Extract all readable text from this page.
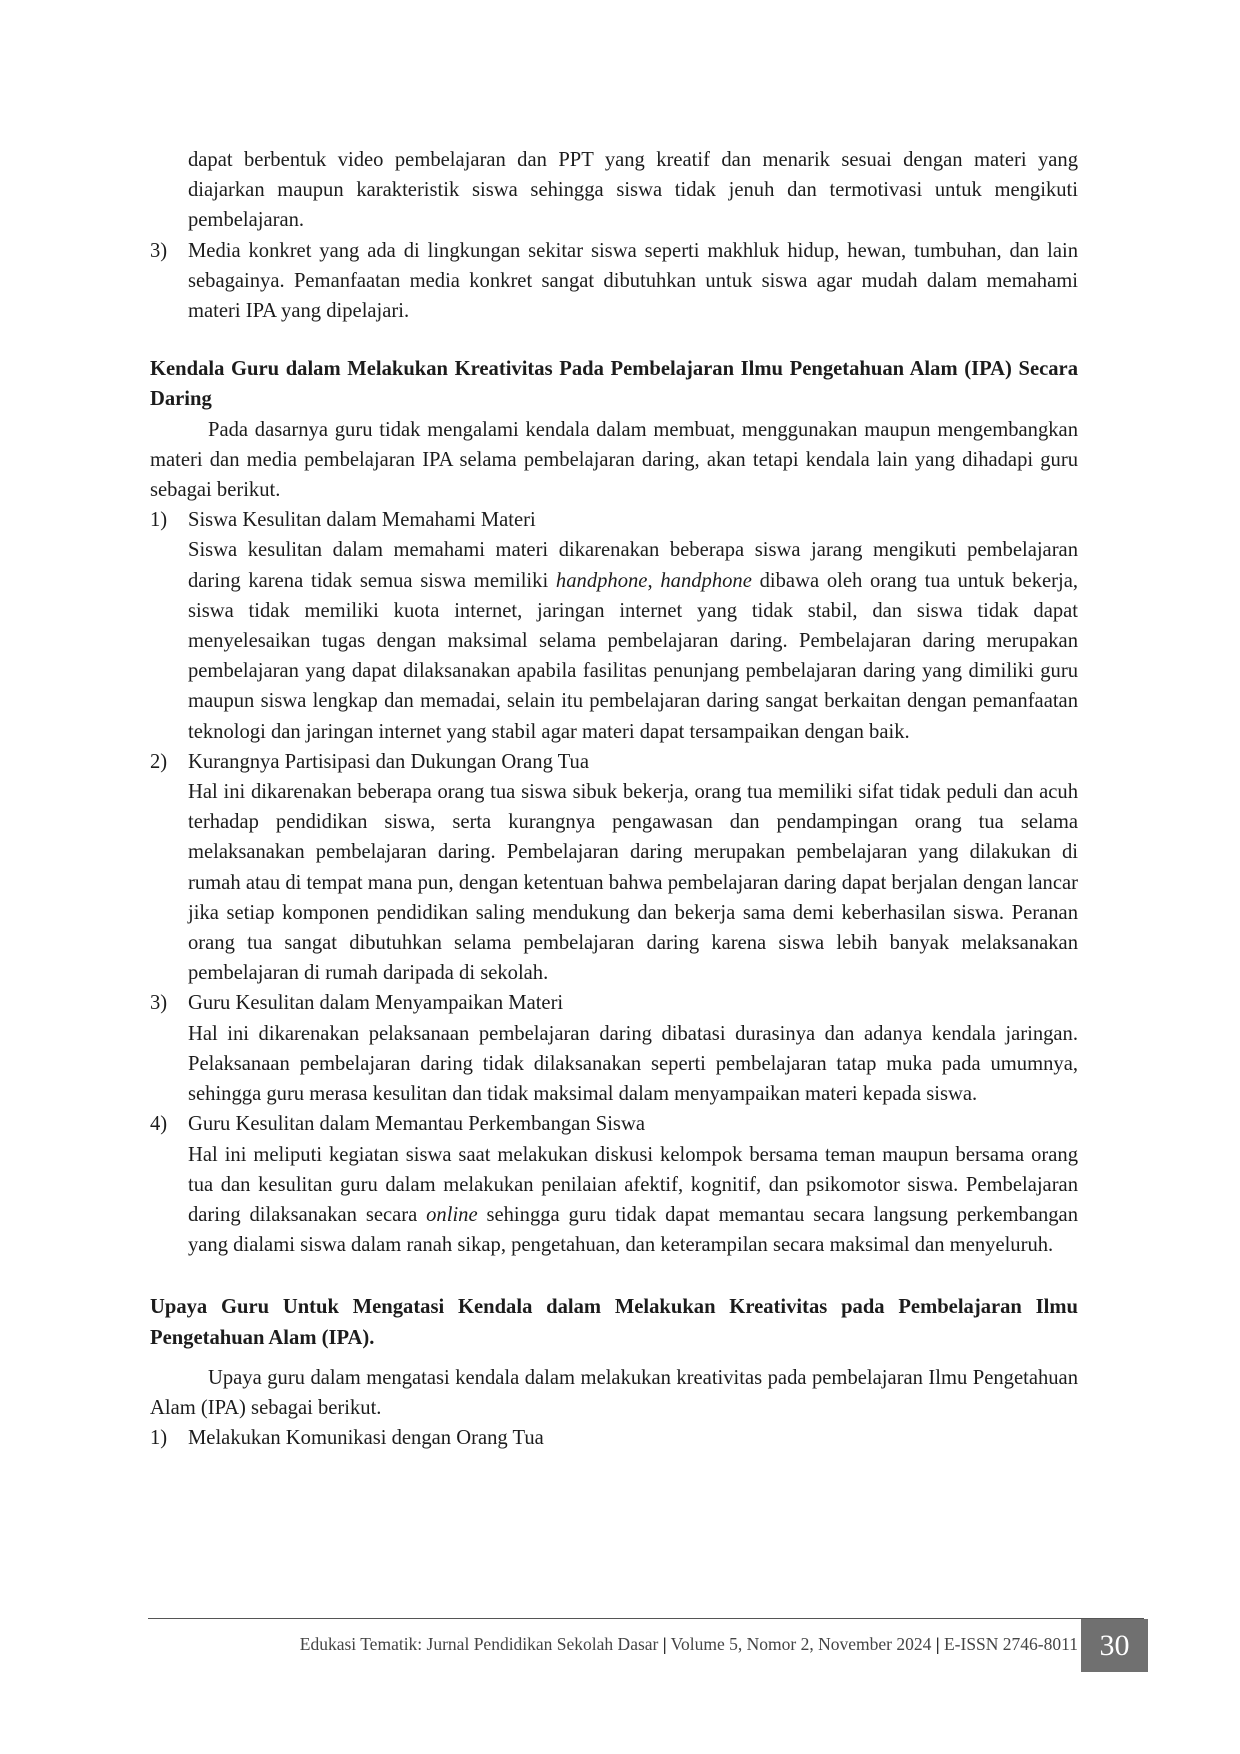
dapat berbentuk video pembelajaran dan PPT yang kreatif dan menarik sesuai dengan materi yang diajarkan maupun karakteristik siswa sehingga siswa tidak jenuh dan termotivasi untuk mengikuti pembelajaran.

3) Media konkret yang ada di lingkungan sekitar siswa seperti makhluk hidup, hewan, tumbuhan, dan lain sebagainya. Pemanfaatan media konkret sangat dibutuhkan untuk siswa agar mudah dalam memahami materi IPA yang dipelajari.

Kendala Guru dalam Melakukan Kreativitas Pada Pembelajaran Ilmu Pengetahuan Alam (IPA) Secara Daring

Pada dasarnya guru tidak mengalami kendala dalam membuat, menggunakan maupun mengembangkan materi dan media pembelajaran IPA selama pembelajaran daring, akan tetapi kendala lain yang dihadapi guru sebagai berikut.

1) Siswa Kesulitan dalam Memahami Materi

Siswa kesulitan dalam memahami materi dikarenakan beberapa siswa jarang mengikuti pembelajaran daring karena tidak semua siswa memiliki handphone, handphone dibawa oleh orang tua untuk bekerja, siswa tidak memiliki kuota internet, jaringan internet yang tidak stabil, dan siswa tidak dapat menyelesaikan tugas dengan maksimal selama pembelajaran daring. Pembelajaran daring merupakan pembelajaran yang dapat dilaksanakan apabila fasilitas penunjang pembelajaran daring yang dimiliki guru maupun siswa lengkap dan memadai, selain itu pembelajaran daring sangat berkaitan dengan pemanfaatan teknologi dan jaringan internet yang stabil agar materi dapat tersampaikan dengan baik.

2) Kurangnya Partisipasi dan Dukungan Orang Tua

Hal ini dikarenakan beberapa orang tua siswa sibuk bekerja, orang tua memiliki sifat tidak peduli dan acuh terhadap pendidikan siswa, serta kurangnya pengawasan dan pendampingan orang tua selama melaksanakan pembelajaran daring. Pembelajaran daring merupakan pembelajaran yang dilakukan di rumah atau di tempat mana pun, dengan ketentuan bahwa pembelajaran daring dapat berjalan dengan lancar jika setiap komponen pendidikan saling mendukung dan bekerja sama demi keberhasilan siswa. Peranan orang tua sangat dibutuhkan selama pembelajaran daring karena siswa lebih banyak melaksanakan pembelajaran di rumah daripada di sekolah.

3) Guru Kesulitan dalam Menyampaikan Materi

Hal ini dikarenakan pelaksanaan pembelajaran daring dibatasi durasinya dan adanya kendala jaringan. Pelaksanaan pembelajaran daring tidak dilaksanakan seperti pembelajaran tatap muka pada umumnya, sehingga guru merasa kesulitan dan tidak maksimal dalam menyampaikan materi kepada siswa.

4) Guru Kesulitan dalam Memantau Perkembangan Siswa

Hal ini meliputi kegiatan siswa saat melakukan diskusi kelompok bersama teman maupun bersama orang tua dan kesulitan guru dalam melakukan penilaian afektif, kognitif, dan psikomotor siswa. Pembelajaran daring dilaksanakan secara online sehingga guru tidak dapat memantau secara langsung perkembangan yang dialami siswa dalam ranah sikap, pengetahuan, dan keterampilan secara maksimal dan menyeluruh.

Upaya Guru Untuk Mengatasi Kendala dalam Melakukan Kreativitas pada Pembelajaran Ilmu Pengetahuan Alam (IPA).

Upaya guru dalam mengatasi kendala dalam melakukan kreativitas pada pembelajaran Ilmu Pengetahuan Alam (IPA) sebagai berikut.

1) Melakukan Komunikasi dengan Orang Tua
Edukasi Tematik: Jurnal Pendidikan Sekolah Dasar | Volume 5, Nomor 2, November 2024 | E-ISSN 2746-8011 30
